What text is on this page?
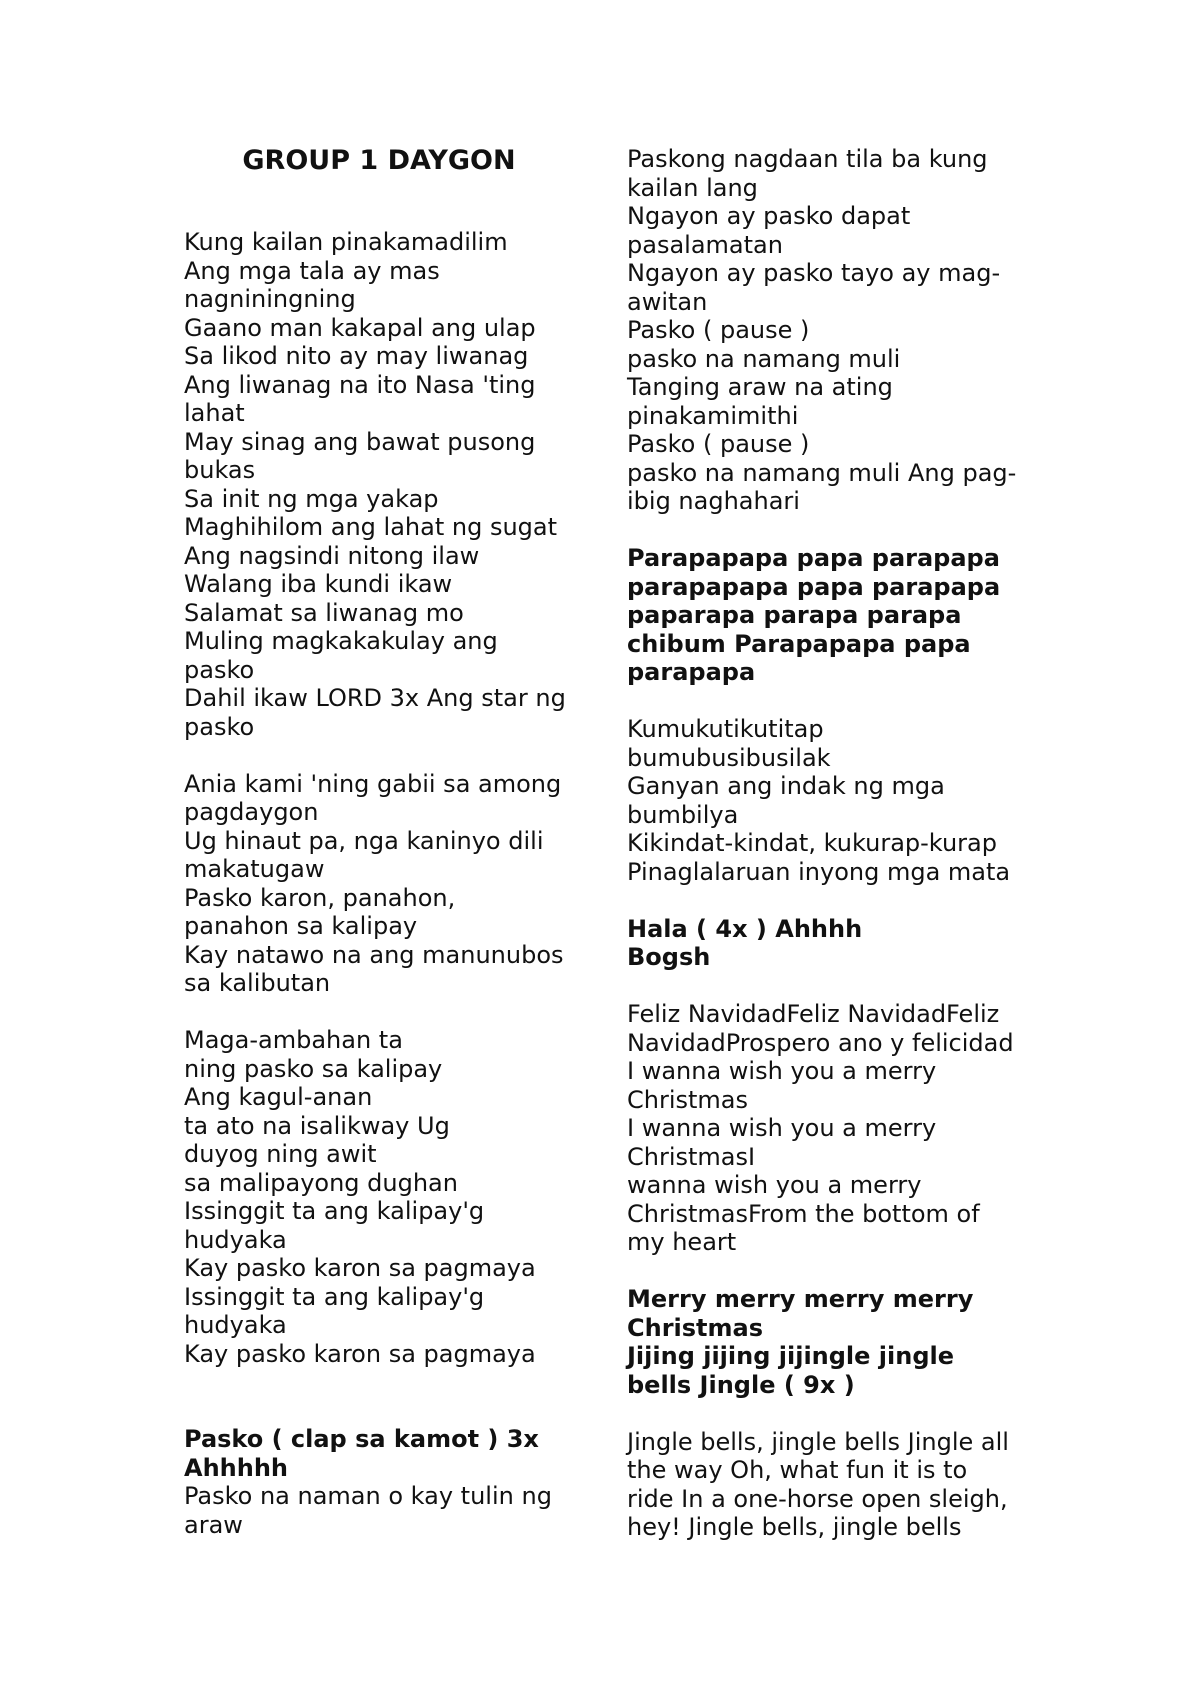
GROUP 1 DAYGON
Kung kailan pinakamadilim
Ang mga tala ay mas
nagniningning
Gaano man kakapal ang ulap
Sa likod nito ay may liwanag
Ang liwanag na ito Nasa 'ting
lahat
May sinag ang bawat pusong
bukas
Sa init ng mga yakap
Maghihilom ang lahat ng sugat
Ang nagsindi nitong ilaw
Walang iba kundi ikaw
Salamat sa liwanag mo
Muling magkakakulay ang
pasko
Dahil ikaw LORD 3x Ang star ng
pasko
Ania kami 'ning gabii sa among
pagdaygon
Ug hinaut pa, nga kaninyo dili
makatugaw
Pasko karon, panahon,
panahon sa kalipay
Kay natawo na ang manunubos
sa kalibutan
Maga-ambahan ta
ning pasko sa kalipay
Ang kagul-anan
ta ato na isalikway Ug
duyog ning awit
sa malipayong dughan
Issinggit ta ang kalipay'g
hudyaka
Kay pasko karon sa pagmaya
Issinggit ta ang kalipay'g
hudyaka
Kay pasko karon sa pagmaya
Pasko ( clap sa kamot ) 3x
Ahhhhh
Pasko na naman o kay tulin ng
araw
Paskong nagdaan tila ba kung
kailan lang
Ngayon ay pasko dapat
pasalamatan
Ngayon ay pasko tayo ay mag-
awitan
Pasko ( pause )
pasko na namang muli
Tanging araw na ating
pinakamimithi
Pasko ( pause )
pasko na namang muli Ang pag-
ibig naghahari
Parapapapa papa parapapa
parapapapa papa parapapa
paparapa parapa parapa
chibum Parapapapa papa
parapapa
Kumukutikutitap
bumubusibusilak
Ganyan ang indak ng mga
bumbilya
Kikindat-kindat, kukurap-kurap
Pinaglalaruan inyong mga mata
Hala ( 4x ) Ahhhh
Bogsh
Feliz NavidadFeliz NavidadFeliz
NavidadProspero ano y felicidad
I wanna wish you a merry
Christmas
I wanna wish you a merry
ChristmasI
wanna wish you a merry
ChristmasFrom the bottom of
my heart
Merry merry merry merry
Christmas
Jijing jijing jijingle jingle
bells Jingle ( 9x )
Jingle bells, jingle bells Jingle all
the way Oh, what fun it is to
ride In a one-horse open sleigh,
hey! Jingle bells, jingle bells
